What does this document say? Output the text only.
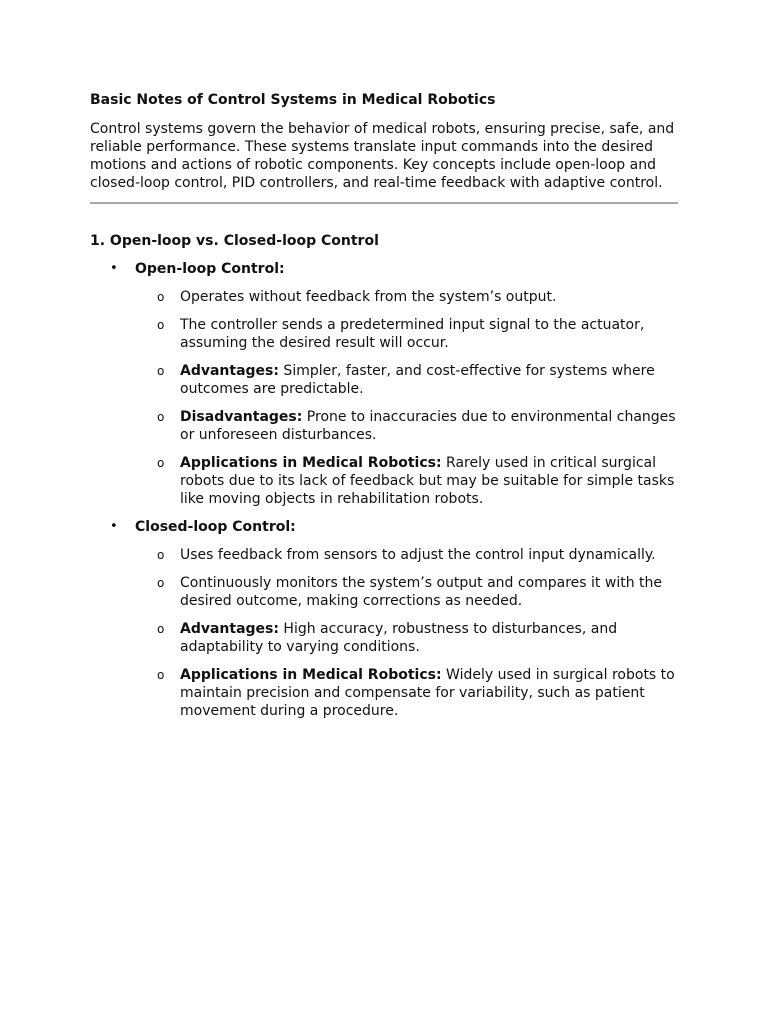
Basic Notes of Control Systems in Medical Robotics

Control systems govern the behavior of medical robots, ensuring precise, safe, and reliable performance. These systems translate input commands into the desired motions and actions of robotic components. Key concepts include open-loop and closed-loop control, PID controllers, and real-time feedback with adaptive control.

1. Open-loop vs. Closed-loop Control
• Open-loop Control:
o Operates without feedback from the system’s output.
o The controller sends a predetermined input signal to the actuator, assuming the desired result will occur.
o Advantages: Simpler, faster, and cost-effective for systems where outcomes are predictable.
o Disadvantages: Prone to inaccuracies due to environmental changes or unforeseen disturbances.
o Applications in Medical Robotics: Rarely used in critical surgical robots due to its lack of feedback but may be suitable for simple tasks like moving objects in rehabilitation robots.
• Closed-loop Control:
o Uses feedback from sensors to adjust the control input dynamically.
o Continuously monitors the system’s output and compares it with the desired outcome, making corrections as needed.
o Advantages: High accuracy, robustness to disturbances, and adaptability to varying conditions.
o Applications in Medical Robotics: Widely used in surgical robots to maintain precision and compensate for variability, such as patient movement during a procedure.
